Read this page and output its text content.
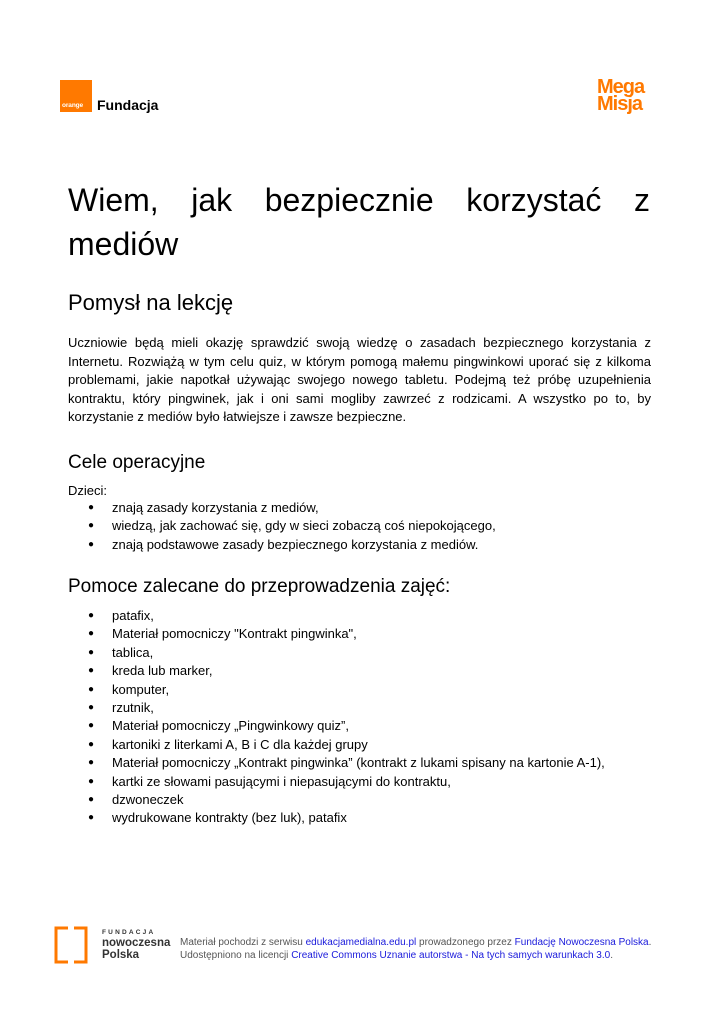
orange Fundacja
Mega
Misja
Wiem, jak bezpiecznie korzystać z mediów
Pomysł na lekcję

Uczniowie będą mieli okazję sprawdzić swoją wiedzę o zasadach bezpiecznego korzystania z Internetu. Rozwiążą w tym celu quiz, w którym pomogą małemu pingwinkowi uporać się z kilkoma problemami, jakie napotkał używając swojego nowego tabletu. Podejmą też próbę uzupełnienia kontraktu, który pingwinek, jak i oni sami mogliby zawrzeć z rodzicami. A wszystko po to, by korzystanie z mediów było łatwiejsze i zawsze bezpieczne.

Cele operacyjne
Dzieci:
● znają zasady korzystania z mediów,
● wiedzą, jak zachować się, gdy w sieci zobaczą coś niepokojącego,
● znają podstawowe zasady bezpiecznego korzystania z mediów.
Pomoce zalecane do przeprowadzenia zajęć:
● patafix,
● Materiał pomocniczy "Kontrakt pingwinka",
● tablica,
● kreda lub marker,
● komputer,
● rzutnik,
● Materiał pomocniczy „Pingwinkowy quiz”,
● kartoniki z literkami A, B i C dla każdej grupy
● Materiał pomocniczy „Kontrakt pingwinka” (kontrakt z lukami spisany na kartonie A-1),
● kartki ze słowami pasującymi i niepasującymi do kontraktu,
● dzwoneczek
● wydrukowane kontrakty (bez luk), patafix
FUNDACJA
nowoczesna
Polska
Materiał pochodzi z serwisu edukacjamedialna.edu.pl prowadzonego przez Fundację Nowoczesna Polska.
Udostępniono na licencji Creative Commons Uznanie autorstwa - Na tych samych warunkach 3.0.
